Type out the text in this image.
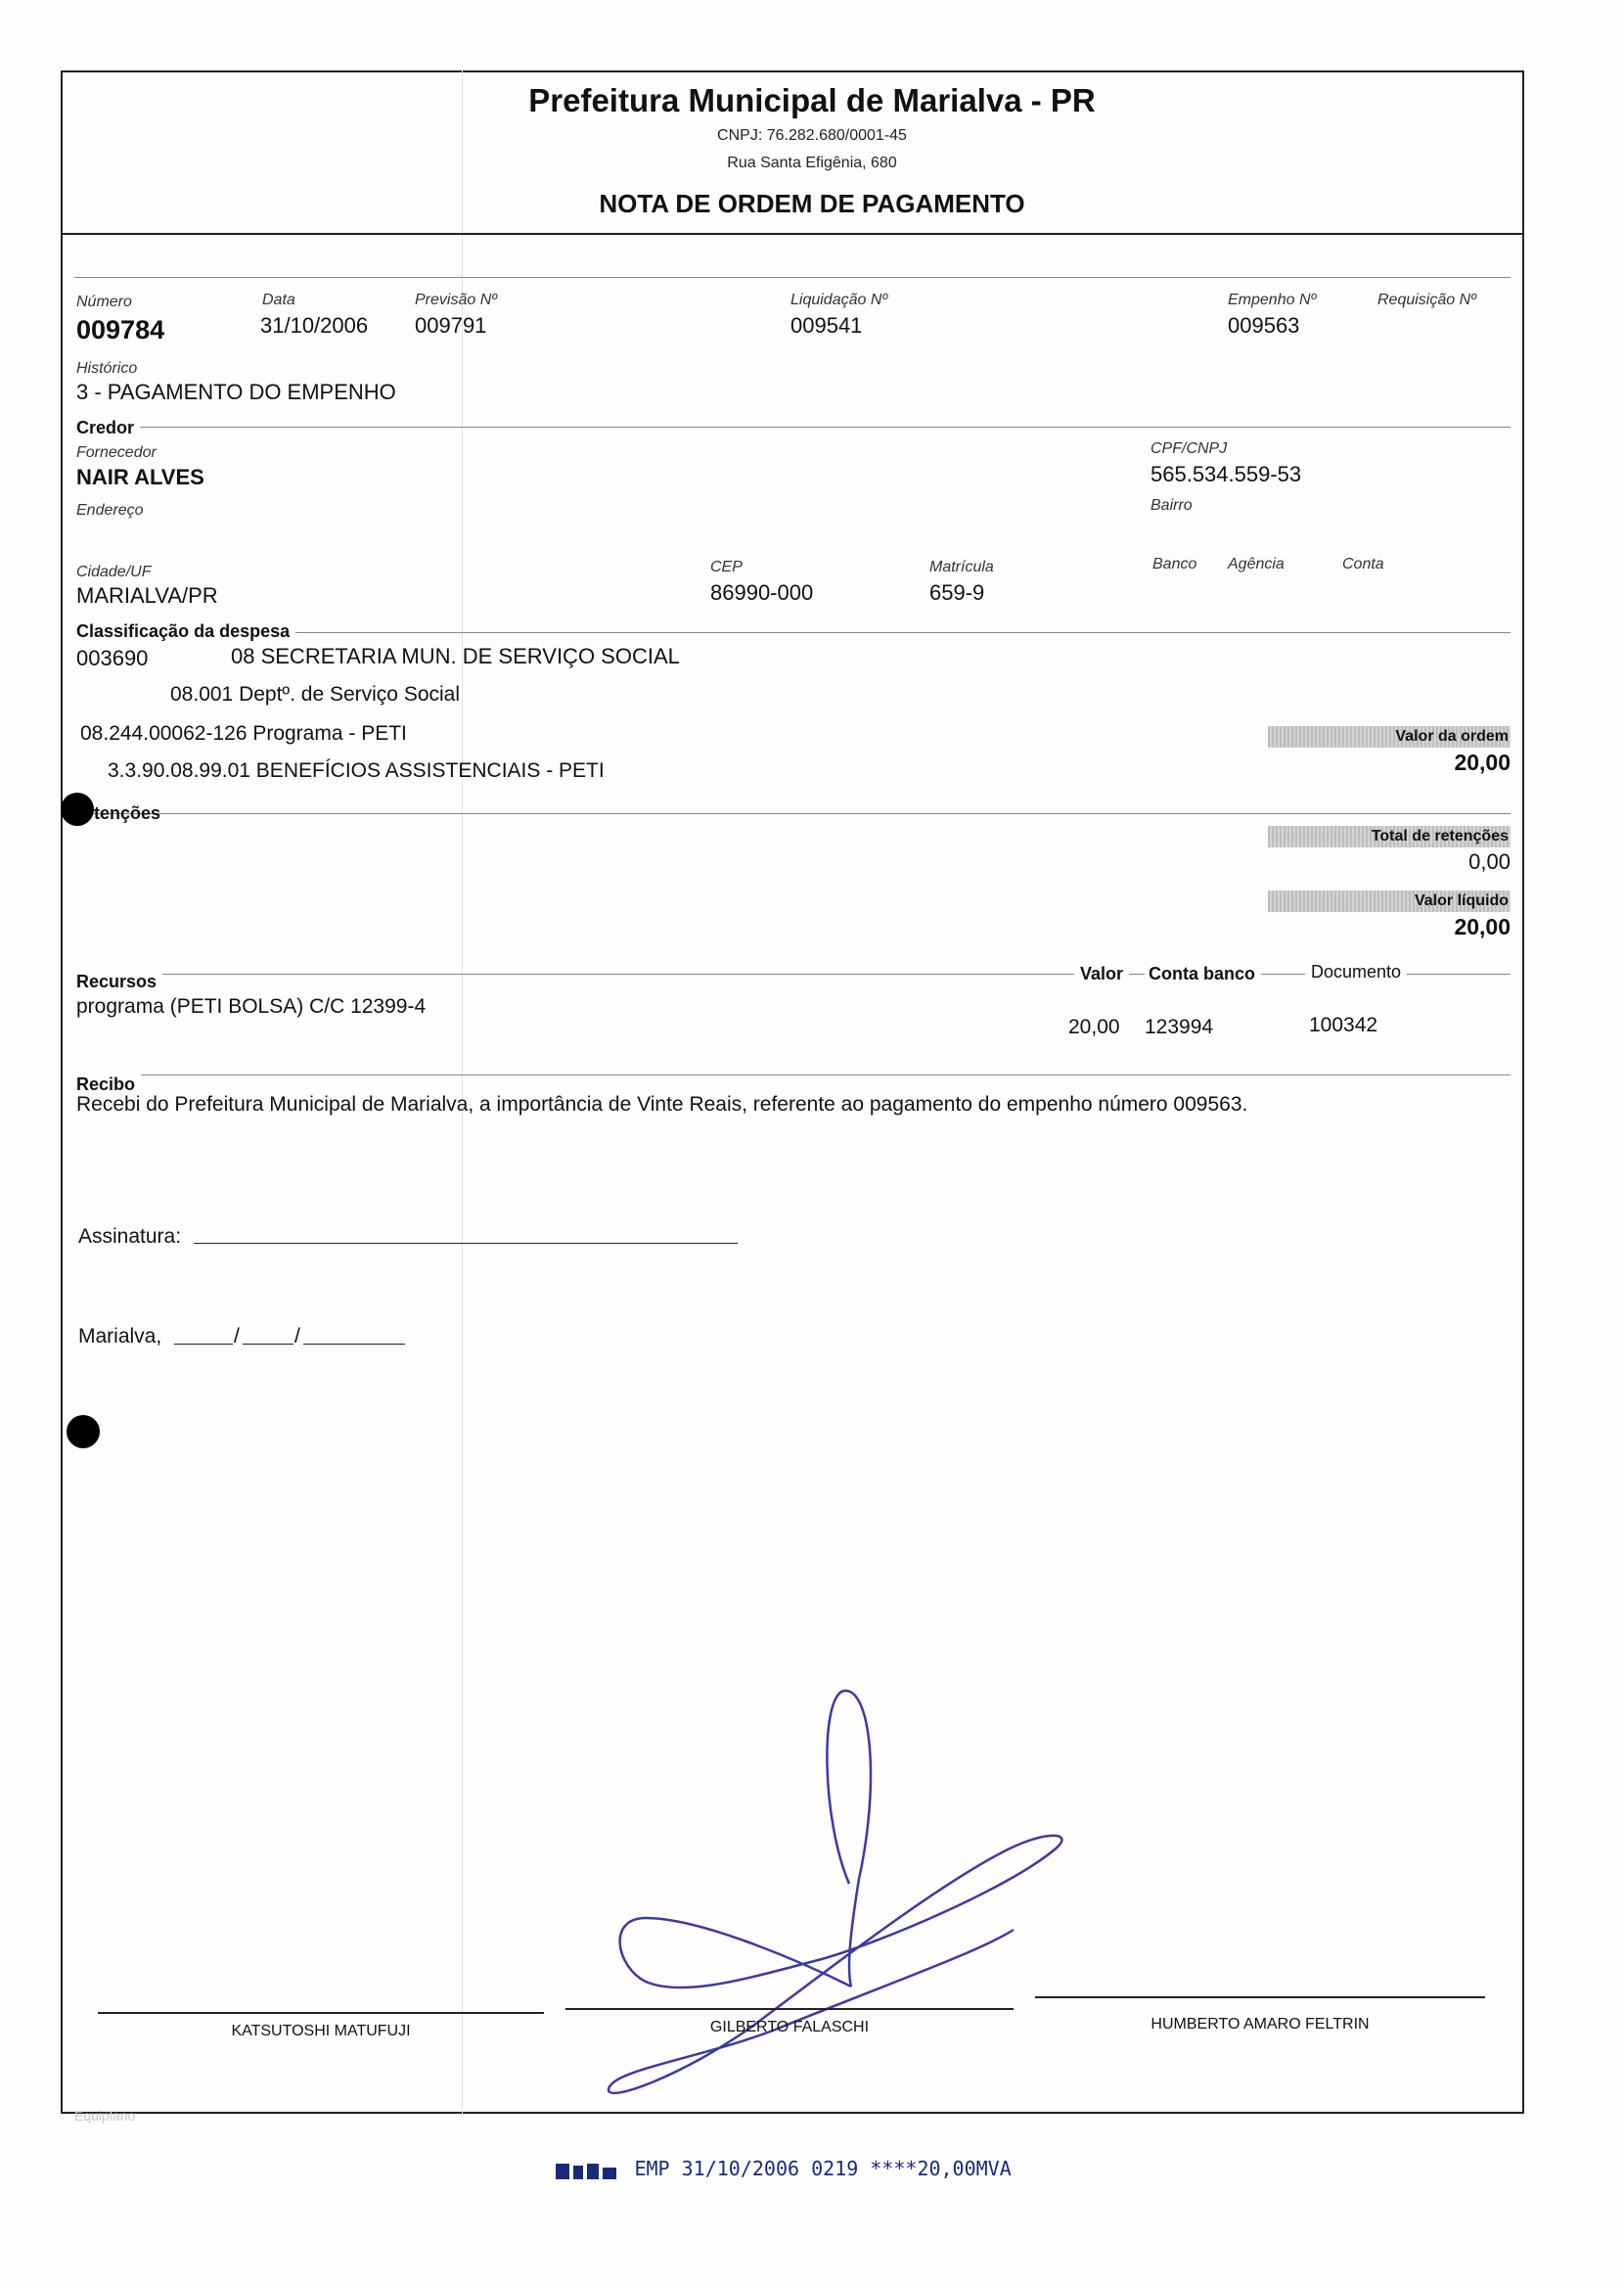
Prefeitura Municipal de Marialva - PR
CNPJ: 76.282.680/0001-45
Rua Santa Efigênia, 680
NOTA DE ORDEM DE PAGAMENTO
Número
009784
Data
31/10/2006
Previsão Nº
009791
Liquidação Nº
009541
Empenho Nº
009563
Requisição Nº
Histórico
3 - PAGAMENTO DO EMPENHO
Credor
Fornecedor
NAIR ALVES
CPF/CNPJ
565.534.559-53
Endereço	Bairro
Cidade/UF
MARIALVA/PR
CEP
86990-000
Matrícula
659-9
Banco Agência	Conta
Classificação da despesa
003690	08 SECRETARIA MUN. DE SERVIÇO SOCIAL
08.001 Deptº. de Serviço Social
08.244.00062-126 Programa - PETI
3.3.90.08.99.01 BENEFÍCIOS ASSISTENCIAIS - PETI
Valor da ordem
20,00
tenções
Total de retenções
0,00
Valor líquido
20,00
Recursos	Valor	Conta banco	Documento
programa (PETI BOLSA) C/C 12399-4
20,00 123994	100342
Recibo
Recebi do Prefeitura Municipal de Marialva, a importância de Vinte Reais, referente ao pagamento do empenho número 009563.
Assinatura:
Marialva,	/	/
KATSUTOSHI MATUFUJI	GILBERTO FALASCHI	HUMBERTO AMARO FELTRIN
Equiplano
EMP 31/10/2006 0219 ****20,00MVA
